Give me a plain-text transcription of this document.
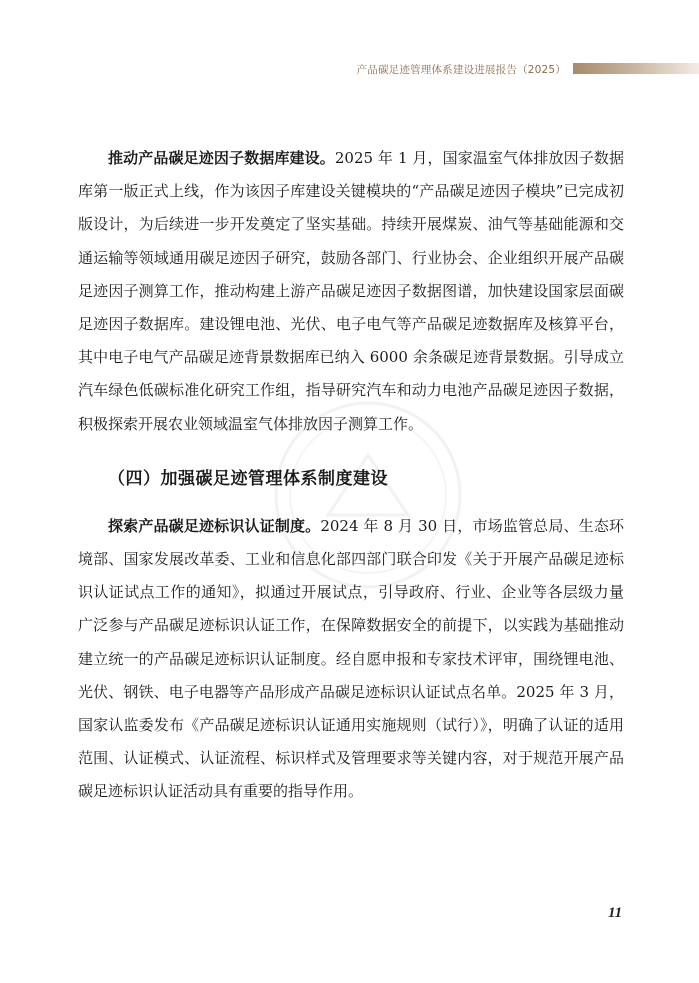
产品碳足迹管理体系建设进展报告（2025）

推动产品碳足迹因子数据库建设。2025 年 1 月，国家温室气体排放因子数据库第一版正式上线，作为该因子库建设关键模块的“产品碳足迹因子模块”已完成初版设计，为后续进一步开发奠定了坚实基础。持续开展煤炭、油气等基础能源和交通运输等领域通用碳足迹因子研究，鼓励各部门、行业协会、企业组织开展产品碳足迹因子测算工作，推动构建上游产品碳足迹因子数据图谱，加快建设国家层面碳足迹因子数据库。建设锂电池、光伏、电子电气等产品碳足迹数据库及核算平台，其中电子电气产品碳足迹背景数据库已纳入 6000 余条碳足迹背景数据。引导成立汽车绿色低碳标准化研究工作组，指导研究汽车和动力电池产品碳足迹因子数据，积极探索开展农业领域温室气体排放因子测算工作。

（四）加强碳足迹管理体系制度建设

探索产品碳足迹标识认证制度。2024 年 8 月 30 日，市场监管总局、生态环境部、国家发展改革委、工业和信息化部四部门联合印发《关于开展产品碳足迹标识认证试点工作的通知》，拟通过开展试点，引导政府、行业、企业等各层级力量广泛参与产品碳足迹标识认证工作，在保障数据安全的前提下，以实践为基础推动建立统一的产品碳足迹标识认证制度。经自愿申报和专家技术评审，围绕锂电池、光伏、钢铁、电子电器等产品形成产品碳足迹标识认证试点名单。2025 年 3 月，国家认监委发布《产品碳足迹标识认证通用实施规则（试行）》，明确了认证的适用范围、认证模式、认证流程、标识样式及管理要求等关键内容，对于规范开展产品碳足迹标识认证活动具有重要的指导作用。

11
